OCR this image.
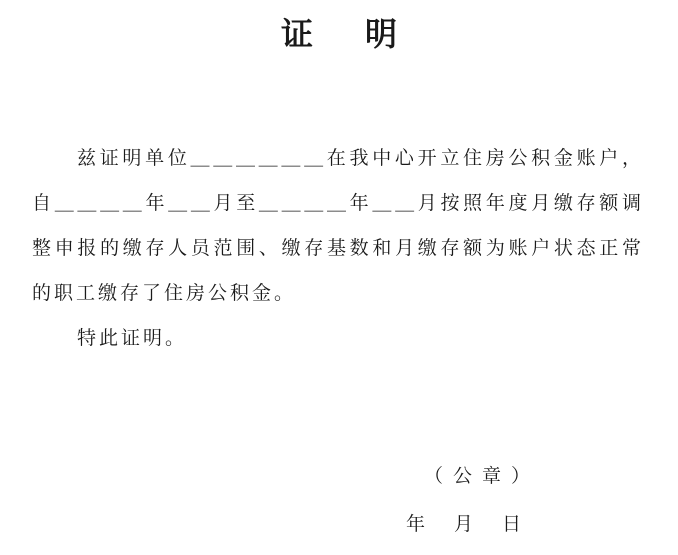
证 明

兹证明单位＿＿＿＿＿＿在我中心开立住房公积金账户，自＿＿＿＿年＿＿月至＿＿＿＿年＿＿月按照年度月缴存额调整申报的缴存人员范围、缴存基数和月缴存额为账户状态正常的职工缴存了住房公积金。

特此证明。

（公章）
年 月 日
